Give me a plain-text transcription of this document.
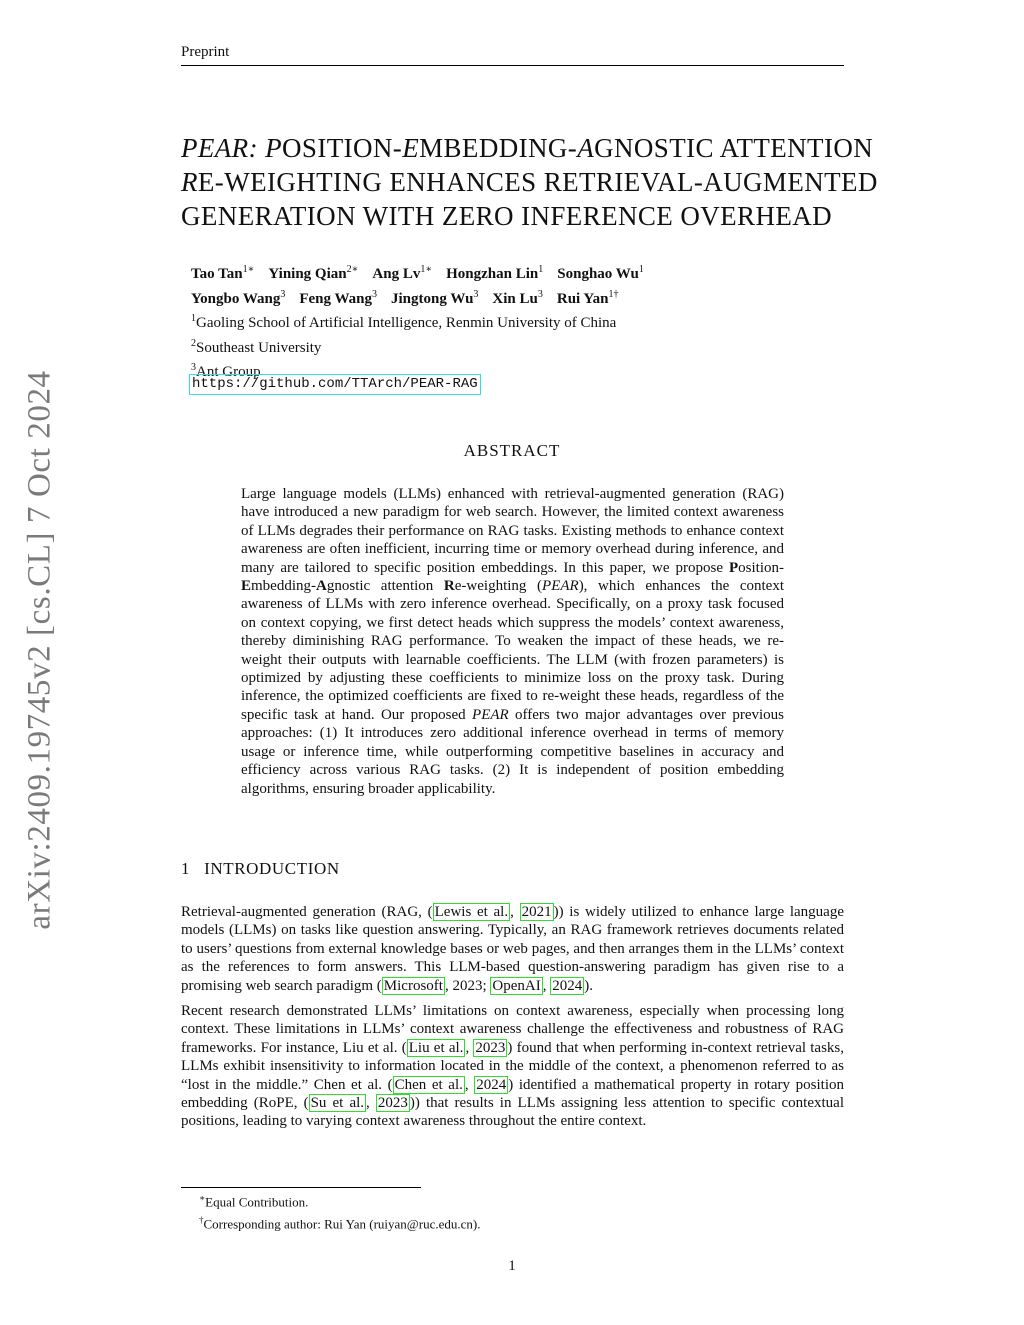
Preprint
arXiv:2409.19745v2 [cs.CL] 7 Oct 2024
PEAR: POSITION-EMBEDDING-AGNOSTIC ATTENTION
RE-WEIGHTING ENHANCES RETRIEVAL-AUGMENTED
GENERATION WITH ZERO INFERENCE OVERHEAD
Tao Tan$^{1∗}$ Yining Qian$^{2∗}$ Ang $Lv^{1∗}$ Hongzhan Lin$^1$ Songhao Wu$^1$
Yongbo Wang$^3$ Feng Wang$^3$ Jingtong Wu$^3$ Xin Lu$^3$ Rui Yan$^{1\dagger}$
$^1$Gaoling School of Artificial Intelligence, Renmin University of China
$^2$Southeast University
$^3$Ant Group
https://github.com/TTArch/PEAR-RAG
ABSTRACT
Large language models (LLMs) enhanced with retrieval-augmented generation (RAG) have introduced a new paradigm for web search. However, the limited context awareness of LLMs degrades their performance on RAG tasks. Existing methods to enhance context awareness are often inefficient, incurring time or memory overhead during inference, and many are tailored to specific position embeddings. In this paper, we propose Position-Embedding-Agnostic attention Re-weighting (PEAR), which enhances the context awareness of LLMs with zero inference overhead. Specifically, on a proxy task focused on context copying, we first detect heads which suppress the models’ context awareness, thereby diminishing RAG performance. To weaken the impact of these heads, we re-weight their outputs with learnable coefficients. The LLM (with frozen parameters) is optimized by adjusting these coefficients to minimize loss on the proxy task. During inference, the optimized coefficients are fixed to re-weight these heads, regardless of the specific task at hand. Our proposed PEAR offers two major advantages over previous approaches: (1) It introduces zero additional inference overhead in terms of memory usage or inference time, while outperforming competitive baselines in accuracy and efficiency across various RAG tasks. (2) It is independent of position embedding algorithms, ensuring broader applicability.
1 INTRODUCTION

Retrieval-augmented generation (RAG, ( Lewis et al. , 2021 )) is widely utilized to enhance large language models (LLMs) on tasks like question answering. Typically, an RAG framework retrieves documents related to users’ questions from external knowledge bases or web pages, and then arranges them in the LLMs’ context as the references to form answers. This LLM-based question-answering paradigm has given rise to a promising web search paradigm ( Microsoft , 2023; OpenAI , 2024 ).

Recent research demonstrated LLMs’ limitations on context awareness, especially when processing long context. These limitations in LLMs’ context awareness challenge the effectiveness and robustness of RAG frameworks. For instance, Liu et al. ( Liu et al. , 2023 ) found that when performing in-context retrieval tasks, LLMs exhibit insensitivity to information located in the middle of the context, a phenomenon referred to as “lost in the middle.” Chen et al. ( Chen et al. , 2024 ) identified a mathematical property in rotary position embedding (RoPE, ( Su et al. , 2023 )) that results in LLMs assigning less attention to specific contextual positions, leading to varying context awareness throughout the entire context.

∗Equal Contribution.
†Corresponding author: Rui Yan (ruiyan@ruc.edu.cn).
1
